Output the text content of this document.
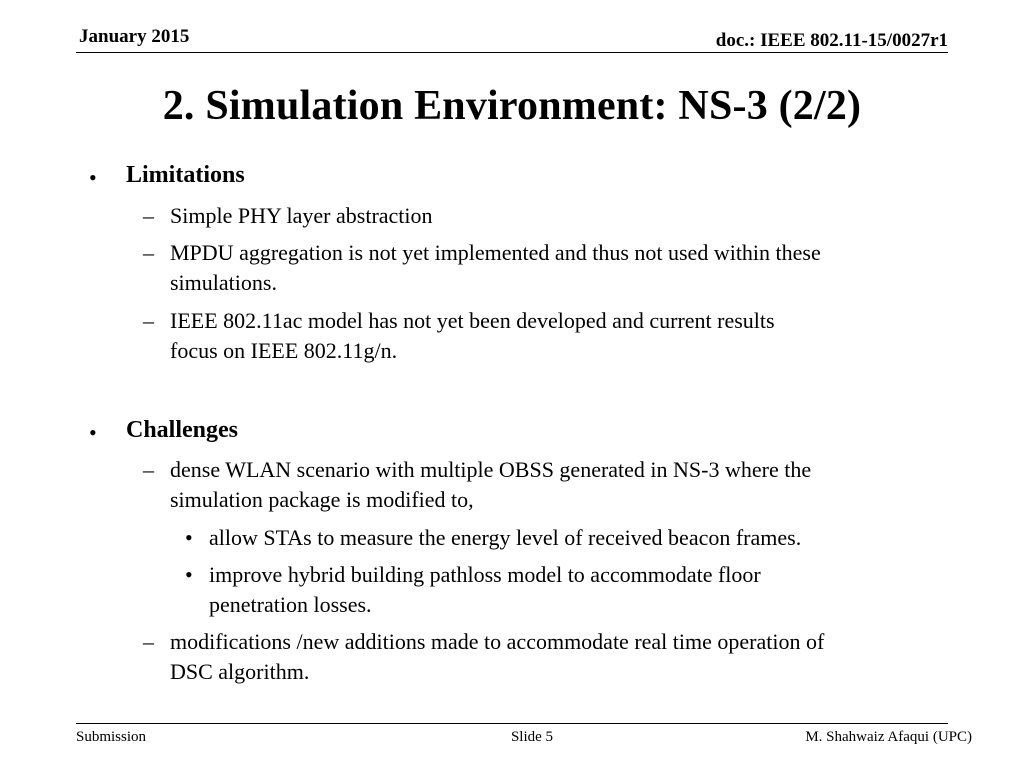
January 2015	doc.: IEEE 802.11-15/0027r1
2. Simulation Environment: NS-3 (2/2)
• Limitations
– Simple PHY layer abstraction
– MPDU aggregation is not yet implemented and thus not used within these
simulations.
– IEEE 802.11ac model has not yet been developed and current results
focus on IEEE 802.11g/n.
• Challenges
– dense WLAN scenario with multiple OBSS generated in NS-3 where the
simulation package is modified to,
• allow STAs to measure the energy level of received beacon frames.
• improve hybrid building pathloss model to accommodate floor
penetration losses.
– modifications /new additions made to accommodate real time operation of
DSC algorithm.
Submission	Slide 5	M. Shahwaiz Afaqui (UPC)
